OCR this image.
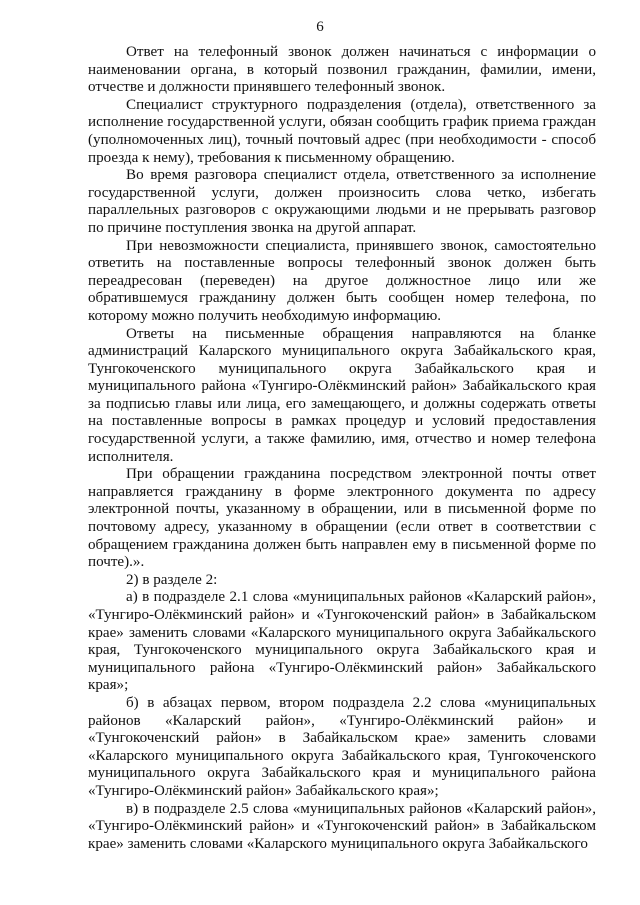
6

Ответ на телефонный звонок должен начинаться с информации о наименовании органа, в который позвонил гражданин, фамилии, имени, отчестве и должности принявшего телефонный звонок.

Специалист структурного подразделения (отдела), ответственного за исполнение государственной услуги, обязан сообщить график приема граждан (уполномоченных лиц), точный почтовый адрес (при необходимости - способ проезда к нему), требования к письменному обращению.

Во время разговора специалист отдела, ответственного за исполнение государственной услуги, должен произносить слова четко, избегать параллельных разговоров с окружающими людьми и не прерывать разговор по причине поступления звонка на другой аппарат.

При невозможности специалиста, принявшего звонок, самостоятельно ответить на поставленные вопросы телефонный звонок должен быть переадресован (переведен) на другое должностное лицо или же обратившемуся гражданину должен быть сообщен номер телефона, по которому можно получить необходимую информацию.

Ответы на письменные обращения направляются на бланке администраций Каларского муниципального округа Забайкальского края, Тунгокоченского муниципального округа Забайкальского края и муниципального района «Тунгиро-Олёкминский район» Забайкальского края за подписью главы или лица, его замещающего, и должны содержать ответы на поставленные вопросы в рамках процедур и условий предоставления государственной услуги, а также фамилию, имя, отчество и номер телефона исполнителя.

При обращении гражданина посредством электронной почты ответ направляется гражданину в форме электронного документа по адресу электронной почты, указанному в обращении, или в письменной форме по почтовому адресу, указанному в обращении (если ответ в соответствии с обращением гражданина должен быть направлен ему в письменной форме по почте).».

2) в разделе 2:

а) в подразделе 2.1 слова «муниципальных районов «Каларский район», «Тунгиро-Олёкминский район» и «Тунгокоченский район» в Забайкальском крае» заменить словами «Каларского муниципального округа Забайкальского края, Тунгокоченского муниципального округа Забайкальского края и муниципального района «Тунгиро-Олёкминский район» Забайкальского края»;

б) в абзацах первом, втором подраздела 2.2 слова «муниципальных районов «Каларский район», «Тунгиро-Олёкминский район» и «Тунгокоченский район» в Забайкальском крае» заменить словами «Каларского муниципального округа Забайкальского края, Тунгокоченского муниципального округа Забайкальского края и муниципального района «Тунгиро-Олёкминский район» Забайкальского края»;

в) в подразделе 2.5 слова «муниципальных районов «Каларский район», «Тунгиро-Олёкминский район» и «Тунгокоченский район» в Забайкальском крае» заменить словами «Каларского муниципального округа Забайкальского
